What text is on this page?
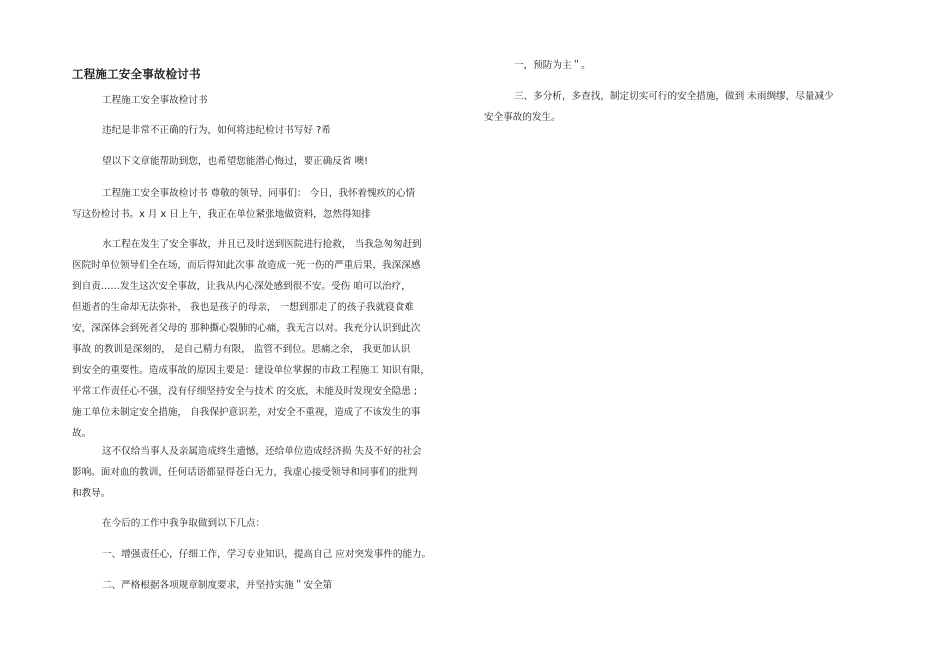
工程施工安全事故检讨书
工程施工安全事故检讨书
违纪是非常不正确的行为，如何将违纪检讨书写好 ?希
望以下文章能帮助到您，也希望您能潜心悔过，要正确反省 噢!
工程施工安全事故检讨书 尊敬的领导、同事们： 今日，我怀着愧疚的心情
写这份检讨书。x 月 x 日上午，我正在单位紧张地做资料，忽然得知排
水工程在发生了安全事故，并且已及时送到医院进行抢救， 当我急匆匆赶到
医院时单位领导们全在场，而后得知此次事 故造成一死一伤的严重后果，我深深感
到自责……发生这次安全事故，让我从内心深处感到很不安。受伤 咱可以治疗，
但逝者的生命却无法弥补， 我也是孩子的母亲， 一想到那走了的孩子我就寝食难
安，深深体会到死者父母的 那种撕心裂肺的心痛，我无言以对。我充分认识到此次
事故 的教训是深刻的， 是自己精力有限， 监管不到位。思痛之余， 我更加认识
到安全的重要性。造成事故的原因主要是：建设单位掌握的市政工程施工 知识有限，
平常工作责任心不强，没有仔细坚持安全与技术 的交底，未能及时发现安全隐患 ;
施工单位未制定安全措施， 自我保护意识差，对安全不重视，造成了不该发生的事
故。
这不仅给当事人及亲属造成终生遗憾，还给单位造成经济损 失及不好的社会
影响。面对血的教训，任何话语都显得苍白无力，我虚心接受领导和同事们的批判
和教导。
在今后的工作中我争取做到以下几点：
一、增强责任心，仔细工作，学习专业知识，提高自己 应对突发事件的能力。
二、严格根据各项规章制度要求，并坚持实施＂安全第
一，预防为主＂。
三、多分析，多查找，制定切实可行的安全措施，做到 未雨绸缪，尽量减少
安全事故的发生。
